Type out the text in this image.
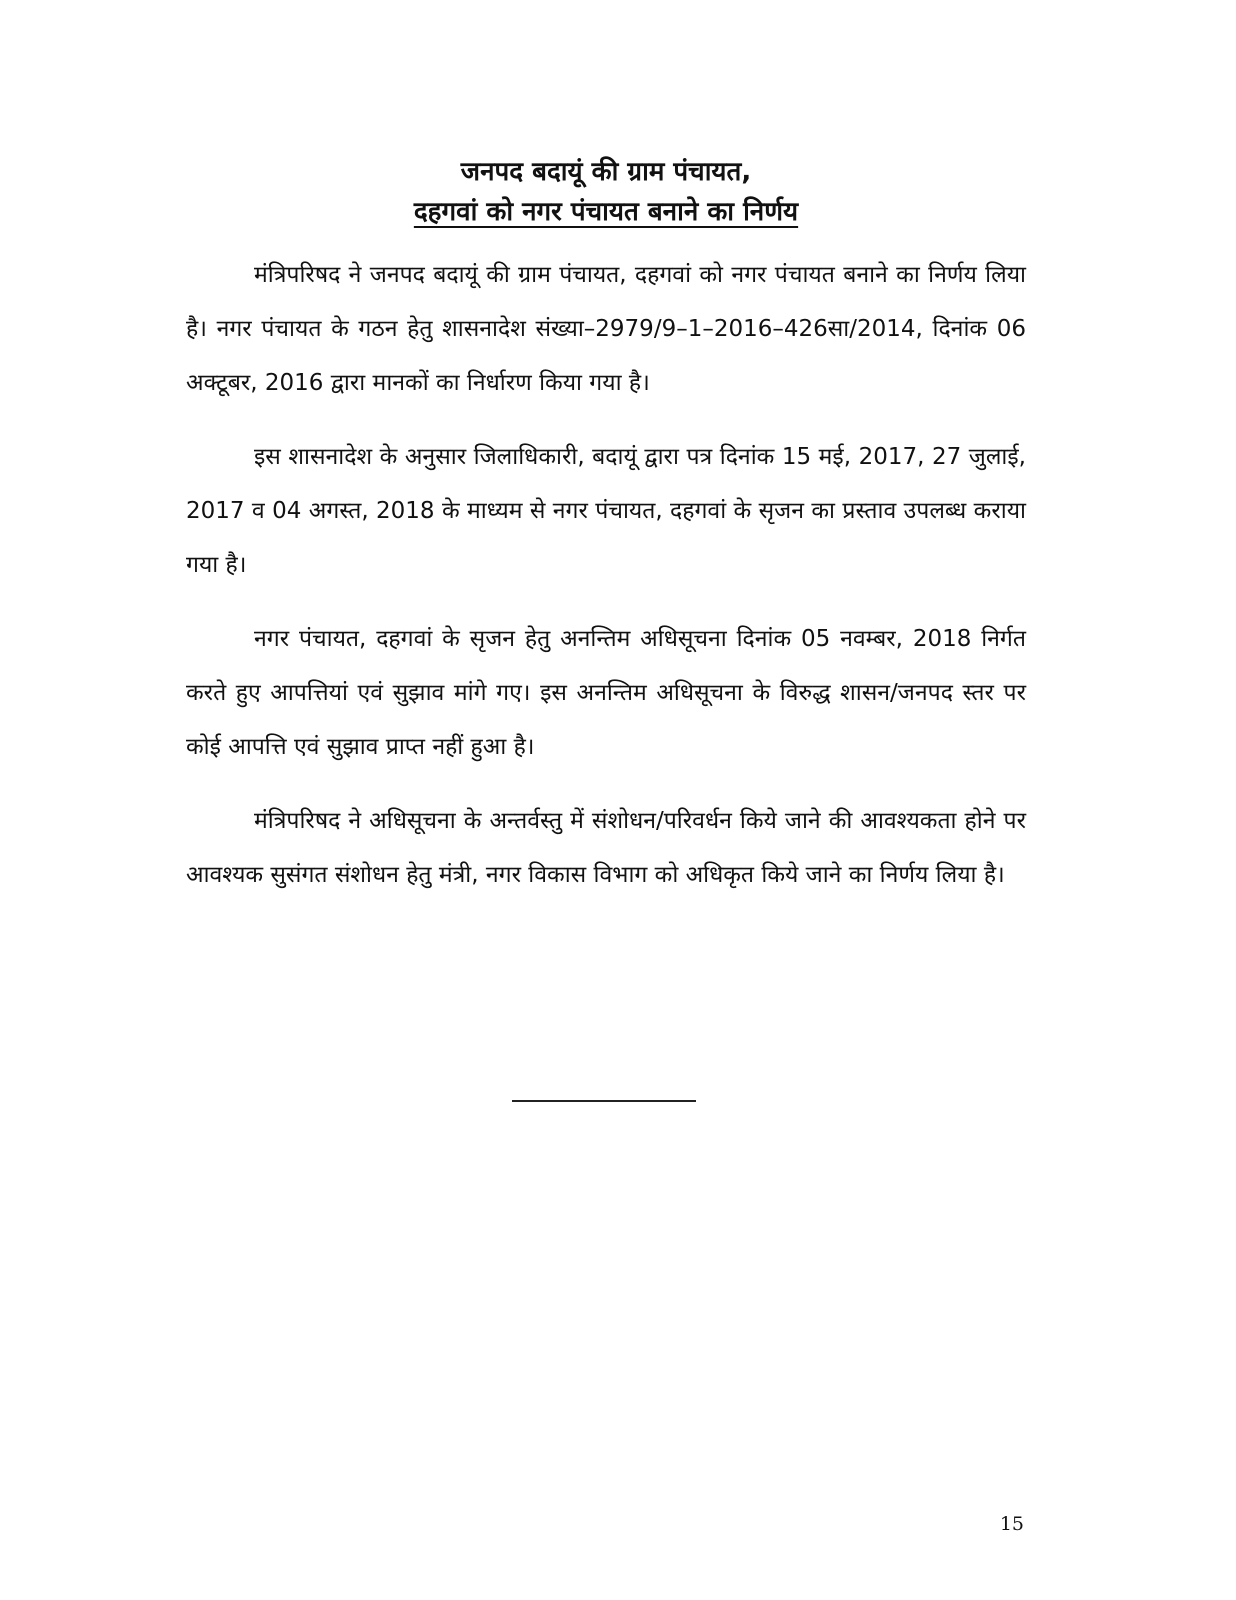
जनपद बदायूं की ग्राम पंचायत,
दहगवां को नगर पंचायत बनाने का निर्णय

मंत्रिपरिषद ने जनपद बदायूं की ग्राम पंचायत, दहगवां को नगर पंचायत बनाने का निर्णय लिया है। नगर पंचायत के गठन हेतु शासनादेश संख्या–2979/9–1–2016–426सा/2014, दिनांक 06 अक्टूबर, 2016 द्वारा मानकों का निर्धारण किया गया है।

इस शासनादेश के अनुसार जिलाधिकारी, बदायूं द्वारा पत्र दिनांक 15 मई, 2017, 27 जुलाई, 2017 व 04 अगस्त, 2018 के माध्यम से नगर पंचायत, दहगवां के सृजन का प्रस्ताव उपलब्ध कराया गया है।

नगर पंचायत, दहगवां के सृजन हेतु अनन्तिम अधिसूचना दिनांक 05 नवम्बर, 2018 निर्गत करते हुए आपत्तियां एवं सुझाव मांगे गए। इस अनन्तिम अधिसूचना के विरुद्ध शासन/जनपद स्तर पर कोई आपत्ति एवं सुझाव प्राप्त नहीं हुआ है।

मंत्रिपरिषद ने अधिसूचना के अन्तर्वस्तु में संशोधन/परिवर्धन किये जाने की आवश्यकता होने पर आवश्यक सुसंगत संशोधन हेतु मंत्री, नगर विकास विभाग को अधिकृत किये जाने का निर्णय लिया है।

15
